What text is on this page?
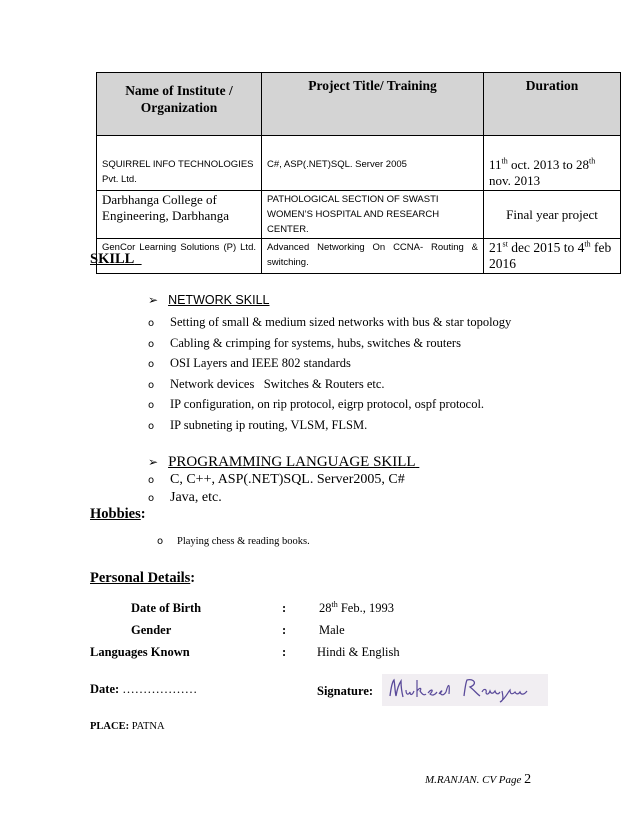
Name of Institute / Organization	Project Title/ Training	Duration

SQUIRREL INFO TECHNOLOGIES Pvt. Ltd.	C#, ASP(.NET)SQL. Server 2005	11th oct. 2013 to 28th nov. 2013
Darbhanga College of Engineering, Darbhanga	PATHOLOGICAL SECTION OF SWASTI WOMEN’S HOSPITAL AND RESEARCH CENTER.	Final year project
GenCor Learning Solutions (P) Ltd.	Advanced Networking On CCNA- Routing & switching.	21st dec 2015 to 4th feb 2016
SKILL
➢ NETWORK SKILL
o Setting of small & medium sized networks with bus & star topology
o Cabling & crimping for systems, hubs, switches & routers
o OSI Layers and IEEE 802 standards
o Network devices   Switches & Routers etc.
o IP configuration, on rip protocol, eigrp protocol, ospf protocol.
o IP subneting ip routing, VLSM, FLSM.
➢ PROGRAMMING LANGUAGE SKILL
o C, C++, ASP(.NET)SQL. Server2005, C#
o Java, etc.
Hobbies:
o Playing chess & reading books.
Personal Details:
Date of Birth	:	28th Feb., 1993
Gender	:	Male
Languages Known	: Hindi & English
Date: ………………	Signature:
PLACE: PATNA
M.RANJAN. CV Page 2
